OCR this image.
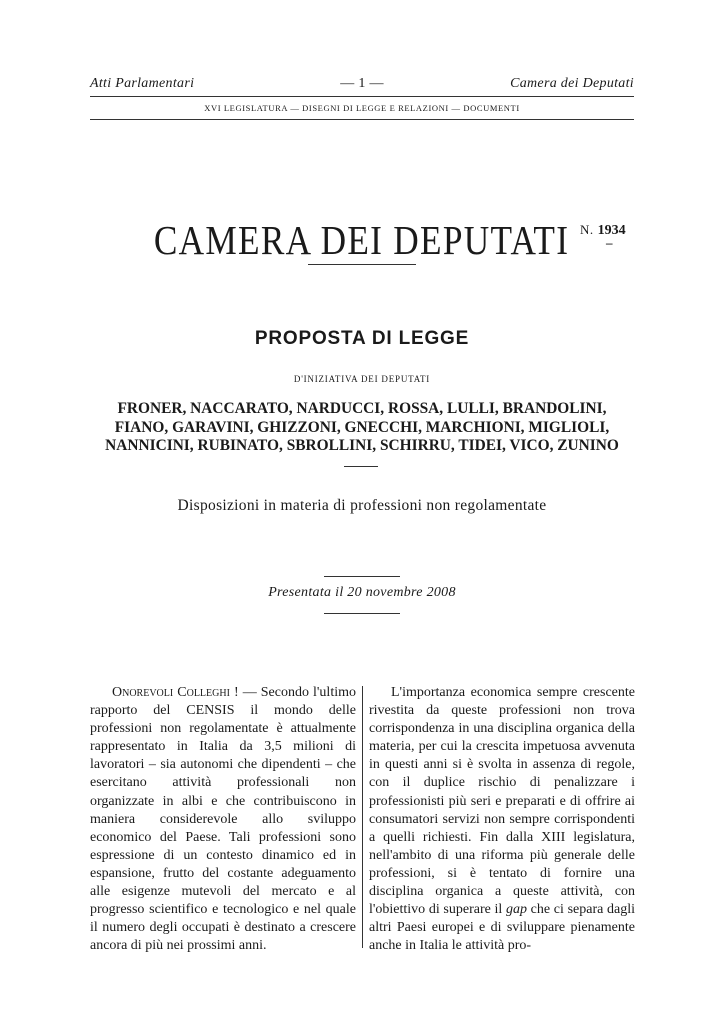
Atti Parlamentari	— 1 —	Camera dei Deputati
XVI LEGISLATURA — DISEGNI DI LEGGE E RELAZIONI — DOCUMENTI
CAMERA DEI DEPUTATI N. 1934
–
PROPOSTA DI LEGGE
D'INIZIATIVA DEI DEPUTATI
FRONER, NACCARATO, NARDUCCI, ROSSA, LULLI, BRANDOLINI,
FIANO, GARAVINI, GHIZZONI, GNECCHI, MARCHIONI, MIGLIOLI,
NANNICINI, RUBINATO, SBROLLINI, SCHIRRU, TIDEI, VICO, ZUNINO
Disposizioni in materia di professioni non regolamentate
Presentata il 20 novembre 2008

Onorevoli Colleghi ! — Secondo l'ultimo rapporto del CENSIS il mondo delle professioni non regolamentate è attualmente rappresentato in Italia da 3,5 milioni di lavoratori – sia autonomi che dipendenti – che esercitano attività professionali non organizzate in albi e che contribuiscono in maniera considerevole allo sviluppo economico del Paese. Tali professioni sono espressione di un contesto dinamico ed in espansione, frutto del costante adeguamento alle esigenze mutevoli del mercato e al progresso scientifico e tecnologico e nel quale il numero degli occupati è destinato a crescere ancora di più nei prossimi anni.

L'importanza economica sempre crescente rivestita da queste professioni non trova corrispondenza in una disciplina organica della materia, per cui la crescita impetuosa avvenuta in questi anni si è svolta in assenza di regole, con il duplice rischio di penalizzare i professionisti più seri e preparati e di offrire ai consumatori servizi non sempre corrispondenti a quelli richiesti. Fin dalla XIII legislatura, nell'ambito di una riforma più generale delle professioni, si è tentato di fornire una disciplina organica a queste attività, con l'obiettivo di superare il gap che ci separa dagli altri Paesi europei e di sviluppare pienamente anche in Italia le attività pro-
